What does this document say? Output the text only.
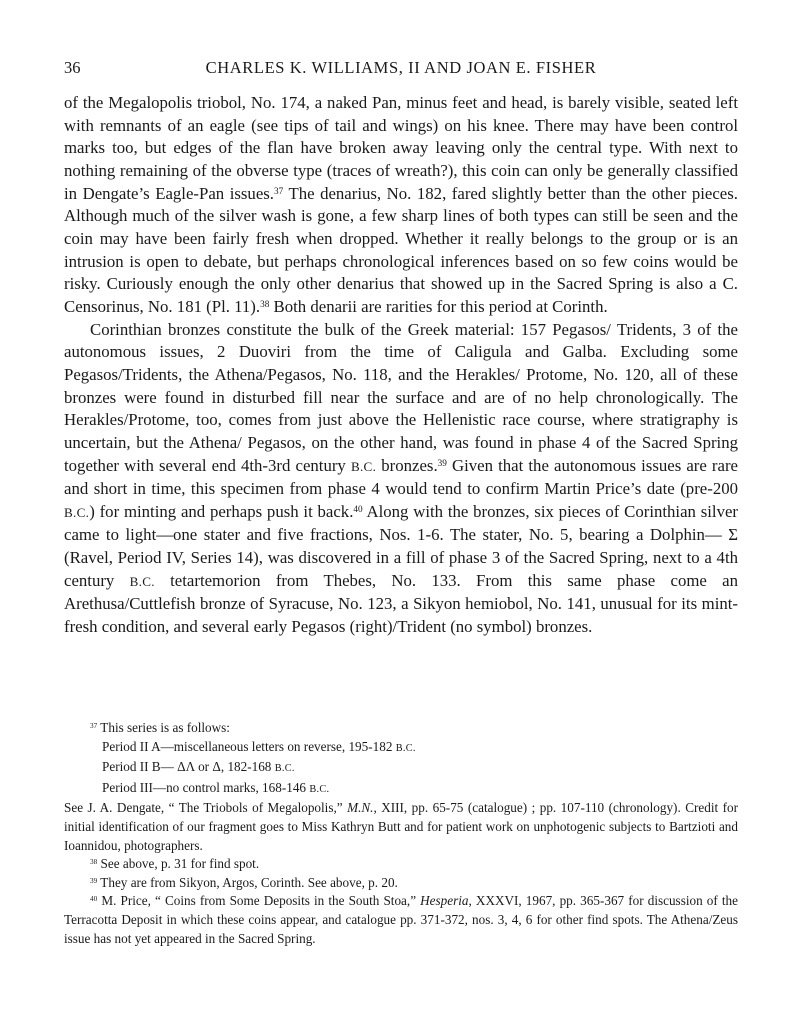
36	CHARLES K. WILLIAMS, II AND JOAN E. FISHER

of the Megalopolis triobol, No. 174, a naked Pan, minus feet and head, is barely visible, seated left with remnants of an eagle (see tips of tail and wings) on his knee. There may have been control marks too, but edges of the flan have broken away leaving only the central type. With next to nothing remaining of the obverse type (traces of wreath?), this coin can only be generally classified in Dengate’s Eagle-Pan issues.$^{37}$ The denarius, No. 182, fared slightly better than the other pieces. Although much of the silver wash is gone, a few sharp lines of both types can still be seen and the coin may have been fairly fresh when dropped. Whether it really belongs to the group or is an intrusion is open to debate, but perhaps chronological inferences based on so few coins would be risky. Curiously enough the only other denarius that showed up in the Sacred Spring is also a C. Censorinus, No. 181 (Pl. 11).$^{38}$ Both denarii are rarities for this period at Corinth.

Corinthian bronzes constitute the bulk of the Greek material: 157 Pegasos/ Tridents, 3 of the autonomous issues, 2 Duoviri from the time of Caligula and Galba. Excluding some Pegasos/Tridents, the Athena/Pegasos, No. 118, and the Herakles/ Protome, No. 120, all of these bronzes were found in disturbed fill near the surface and are of no help chronologically. The Herakles/Protome, too, comes from just above the Hellenistic race course, where stratigraphy is uncertain, but the Athena/ Pegasos, on the other hand, was found in phase 4 of the Sacred Spring together with several end 4th-3rd century B.C. bronzes.$^{39}$ Given that the autonomous issues are rare and short in time, this specimen from phase 4 would tend to confirm Martin Price’s date (pre-200 B.C.) for minting and perhaps push it back.$^{40}$ Along with the bronzes, six pieces of Corinthian silver came to light—one stater and five fractions, Nos. 1-6. The stater, No. 5, bearing a Dolphin— Σ (Ravel, Period IV, Series 14), was discovered in a fill of phase 3 of the Sacred Spring, next to a 4th century B.C. tetartemorion from Thebes, No. 133. From this same phase come an Arethusa/Cuttlefish bronze of Syracuse, No. 123, a Sikyon hemiobol, No. 141, unusual for its mint-fresh condition, and several early Pegasos (right)/Trident (no symbol) bronzes.

$^{37}$ This series is as follows:
Period II A—miscellaneous letters on reverse, 195-182 B.C.
Period II B— ΔΛ or Δ, 182-168 B.C.
Period III—no control marks, 168-146 B.C.
See J. A. Dengate, “ The Triobols of Megalopolis,” M.N., XIII, pp. 65-75 (catalogue) ; pp. 107-110 (chronology). Credit for initial identification of our fragment goes to Miss Kathryn Butt and for patient work on unphotogenic subjects to Bartzioti and Ioannidou, photographers.
$^{38}$ See above, p. 31 for find spot.
$^{39}$ They are from Sikyon, Argos, Corinth. See above, p. 20.
$^{40}$ M. Price, “ Coins from Some Deposits in the South Stoa,” Hesperia, XXXVI, 1967, pp. 365-367 for discussion of the Terracotta Deposit in which these coins appear, and catalogue pp. 371-372, nos. 3, 4, 6 for other find spots. The Athena/Zeus issue has not yet appeared in the Sacred Spring.
